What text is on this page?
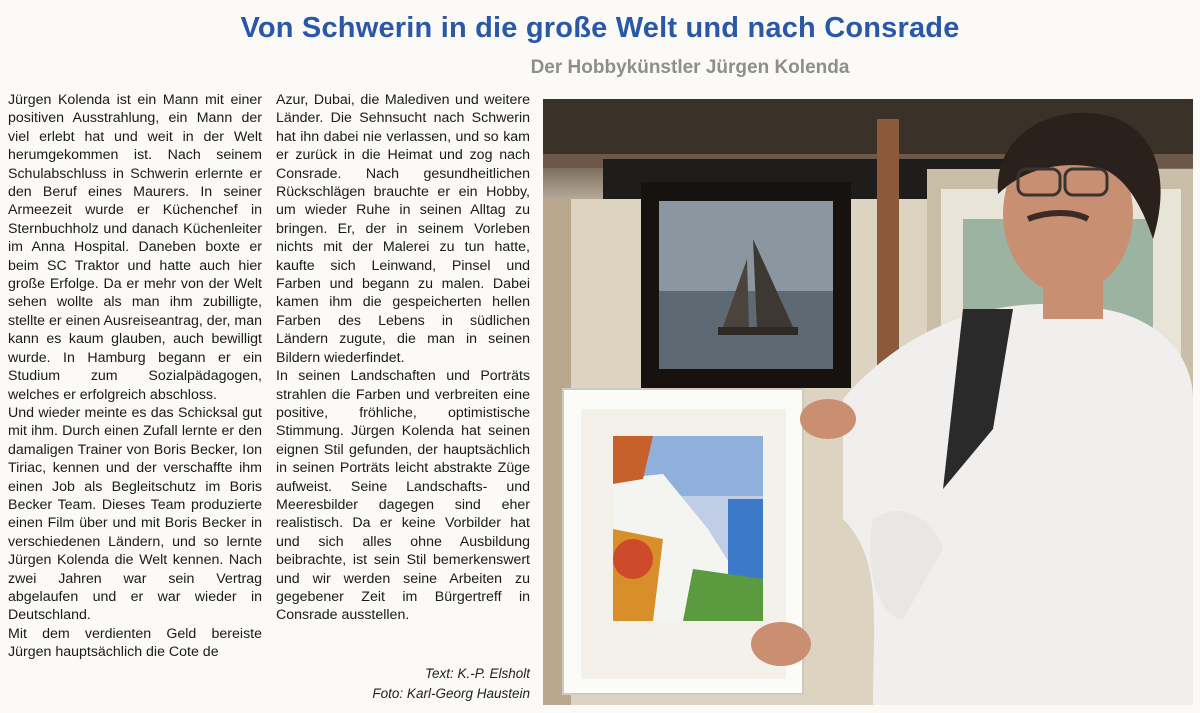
Von Schwerin in die große Welt und nach Consrade
Der Hobbykünstler Jürgen Kolenda

Jürgen Kolenda ist ein Mann mit einer positiven Ausstrahlung, ein Mann der viel erlebt hat und weit in der Welt herumgekommen ist. Nach seinem Schulabschluss in Schwerin erlernte er den Beruf eines Maurers. In seiner Armeezeit wurde er Küchenchef in Sternbuchholz und danach Küchenleiter im Anna Hospital. Daneben boxte er beim SC Traktor und hatte auch hier große Erfolge. Da er mehr von der Welt sehen wollte als man ihm zubilligte, stellte er einen Ausreiseantrag, der, man kann es kaum glauben, auch bewilligt wurde. In Hamburg begann er ein Studium zum Sozialpädagogen, welches er erfolgreich abschloss.

Und wieder meinte es das Schicksal gut mit ihm. Durch einen Zufall lernte er den damaligen Trainer von Boris Becker, Ion Tiriac, kennen und der verschaffte ihm einen Job als Begleitschutz im Boris Becker Team. Dieses Team produzierte einen Film über und mit Boris Becker in verschiedenen Ländern, und so lernte Jürgen Kolenda die Welt kennen. Nach zwei Jahren war sein Vertrag abgelaufen und er war wieder in Deutschland.

Mit dem verdienten Geld bereiste Jürgen hauptsächlich die Cote de

Azur, Dubai, die Malediven und weitere Länder. Die Sehnsucht nach Schwerin hat ihn dabei nie verlassen, und so kam er zurück in die Heimat und zog nach Consrade. Nach gesundheitlichen Rückschlägen brauchte er ein Hobby, um wieder Ruhe in seinen Alltag zu bringen. Er, der in seinem Vorleben nichts mit der Malerei zu tun hatte, kaufte sich Leinwand, Pinsel und Farben und begann zu malen. Dabei kamen ihm die gespeicherten hellen Farben des Lebens in südlichen Ländern zugute, die man in seinen Bildern wiederfindet.

In seinen Landschaften und Porträts strahlen die Farben und verbreiten eine positive, fröhliche, optimistische Stimmung. Jürgen Kolenda hat seinen eignen Stil gefunden, der hauptsächlich in seinen Porträts leicht abstrakte Züge aufweist. Seine Landschafts- und Meeresbilder dagegen sind eher realistisch. Da er keine Vorbilder hat und sich alles ohne Ausbildung beibrachte, ist sein Stil bemerkenswert und wir werden seine Arbeiten zu gegebener Zeit im Bürgertreff in Consrade ausstellen.

Text: K.-P. Elsholt
Foto: Karl-Georg Haustein
